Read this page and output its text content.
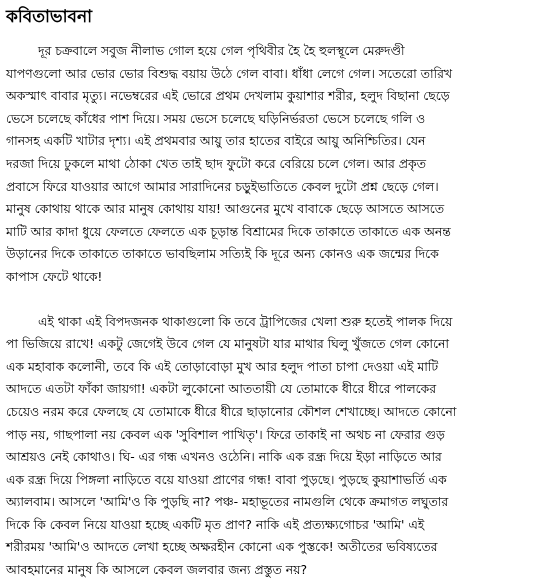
কবিতাভাবনা
দূর চক্রবালে সবুজ নীলাভ গোল হয়ে গেল পৃথিবীর হৈ হৈ হুলস্থূলে মেরুদণ্ডী
যাপণগুলো আর ভোর ভোর বিশুদ্ধ বয়ায় উঠে গেল বাবা। ধাঁধা লেগে গেল। সতেরো তারিখ
অকস্মাৎ বাবার মৃত্যু। নভেম্বরের এই ভোরে প্রথম দেখলাম কুয়াশার শরীর, হলুদ বিছানা ছেড়ে
ভেসে চলেছে কাঁধের পাশ দিয়ে। সময় ভেসে চলেছে ঘড়িনির্ভরতা ভেসে চলেছে গলি ও
গানসহ একটি খাটার দৃশ্য। এই প্রথমবার আয়ু তার হাতের বাইরে আয়ু অনিশ্চিতির। যেন
দরজা দিয়ে ঢুকলে মাথা ঠোকা খেত তাই ছাদ ফুটো করে বেরিয়ে চলে গেল। আর প্রকৃত
প্রবাসে ফিরে যাওয়ার আগে আমার সারাদিনের চড়ুইভাতিতে কেবল দুটো প্রশ্ন ছেড়ে গেল।
মানুষ কোথায় থাকে আর মানুষ কোথায় যায়! আগুনের মুখে বাবাকে ছেড়ে আসতে আসতে
মাটি আর কাদা ধুয়ে ফেলতে ফেলতে এক চূড়ান্ত বিশ্রামের দিকে তাকাতে তাকাতে এক অনন্ত
উড়ানের দিকে তাকাতে তাকাতে ভাবছিলাম সত্যিই কি দূরে অন্য কোনও এক জন্মের দিকে
কাপাস ফেটে থাকে!
এই থাকা এই বিপদজনক থাকাগুলো কি তবে ট্রাপিজের খেলা শুরু হতেই পালক দিয়ে
পা ভিজিয়ে রাখে! একটু জেগেই উবে গেল যে মানুষটা যার মাথার ঘিলু খুঁজতে গেল কোনো
এক মহাবাক কলোনী, তবে কি এই তোড়াবোড়া মুখ আর হলুদ পাতা চাপা দেওয়া এই মাটি
আদতে এতটা ফাঁকা জায়গা! একটা লুকোনো আততায়ী যে তোমাকে ধীরে ধীরে পালকের
চেয়েও নরম করে ফেলছে যে তোমাকে ধীরে ধীরে ছাড়ানোর কৌশল শেখাচ্ছে। আদতে কোনো
পাড় নয়, গাছপালা নয় কেবল এক 'সুবিশাল পাখিতৃ'। ফিরে তাকাই না অথচ না ফেরার গুড়
আশ্রয়ও নেই কোথাও। ঘি- এর গন্ধ এখনও ওঠেনি। নাকি এক রন্ধ্র দিয়ে ইড়া নাড়িতে আর
এক রন্ধ্র দিয়ে পিঙ্গলা নাড়িতে বয়ে যাওয়া প্রাণের গন্ধ! বাবা পুড়ছে। পুড়ছে কুয়াশাভর্তি এক
অ্যালবাম। আসলে 'আমি'ও কি পুড়ছি না? পঞ্চ- মহাভূতের নামগুলি থেকে ক্রমাগত লঘুতার
দিকে কি কেবল নিয়ে যাওয়া হচ্ছে একটি মৃত প্রাণ? নাকি এই প্রত্যক্ষ্যগোচর 'আমি' এই
শরীরময় 'আমি'ও আদতে লেখা হচ্ছে অক্ষরহীন কোনো এক পুস্তকে! অতীতের ভবিষ্যতের
আবহমানের মানুষ কি আসলে কেবল জলবার জন্য প্রস্তুত নয়?
